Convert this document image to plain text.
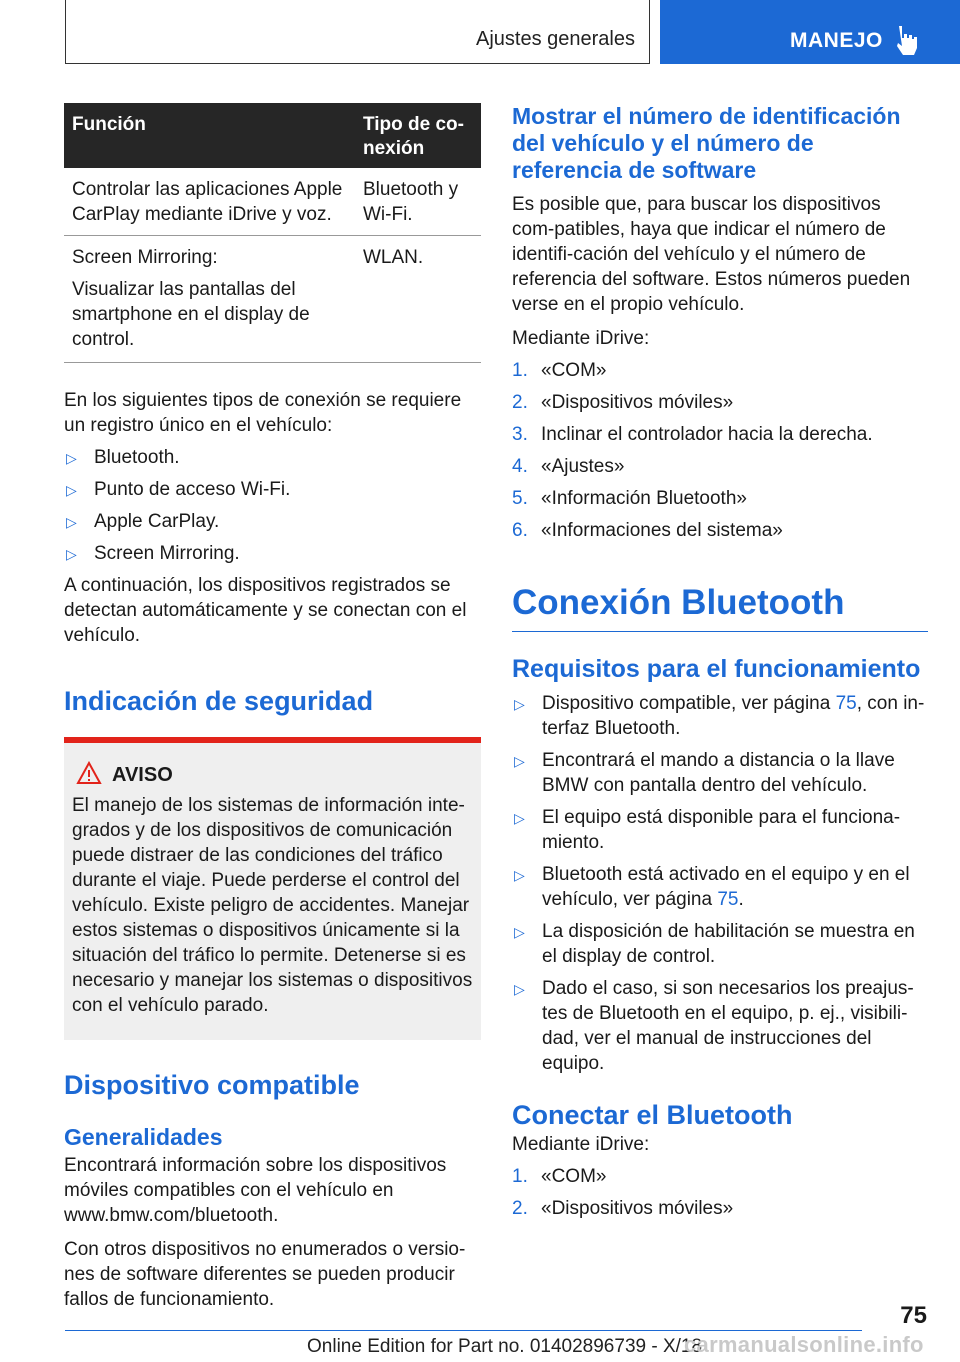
Ajustes generales	MANEJO
Función	Tipo de co-
nexión

Controlar las aplicaciones Apple CarPlay mediante iDrive y voz.	Bluetooth y Wi-Fi.

Screen Mirroring:

Visualizar las pantallas del smartphone en el display de control.	WLAN.

En los siguientes tipos de conexión se requiere un registro único en el vehículo:

▷ Bluetooth.
▷ Punto de acceso Wi-Fi.
▷ Apple CarPlay.
▷ Screen Mirroring.

A continuación, los dispositivos registrados se detectan automáticamente y se conectan con el vehículo.

Indicación de seguridad
AVISO

El manejo de los sistemas de información inte-grados y de los dispositivos de comunicación puede distraer de las condiciones del tráfico durante el viaje. Puede perderse el control del vehículo. Existe peligro de accidentes. Manejar estos sistemas o dispositivos únicamente si la situación del tráfico lo permite. Detenerse si es necesario y manejar los sistemas o dispositivos con el vehículo parado.

Dispositivo compatible
Generalidades

Encontrará información sobre los dispositivos móviles compatibles con el vehículo en www.bmw.com/bluetooth.

Con otros dispositivos no enumerados o versio-nes de software diferentes se pueden producir fallos de funcionamiento.

Mostrar el número de identificación del vehículo y el número de referencia de software

Es posible que, para buscar los dispositivos com-patibles, haya que indicar el número de identifi-cación del vehículo y el número de referencia del software. Estos números pueden verse en el propio vehículo.

Mediante iDrive:

1. «COM»
2. «Dispositivos móviles»
3. Inclinar el controlador hacia la derecha.
4. «Ajustes»
5. «Información Bluetooth»
6. «Informaciones del sistema»
Conexión Bluetooth
Requisitos para el funcionamiento
▷ Dispositivo compatible, ver página 75, con in-terfaz Bluetooth.
▷ Encontrará el mando a distancia o la llave BMW con pantalla dentro del vehículo.
▷ El equipo está disponible para el funciona-miento.
▷ Bluetooth está activado en el equipo y en el vehículo, ver página 75.
▷ La disposición de habilitación se muestra en el display de control.
▷ Dado el caso, si son necesarios los preajus-tes de Bluetooth en el equipo, p. ej., visibili-dad, ver el manual de instrucciones del equipo.
Conectar el Bluetooth

Mediante iDrive:

1. «COM»
2. «Dispositivos móviles»
75
Online Edition for Part no. 01402896739 - X/18
carmanualsonline.info
